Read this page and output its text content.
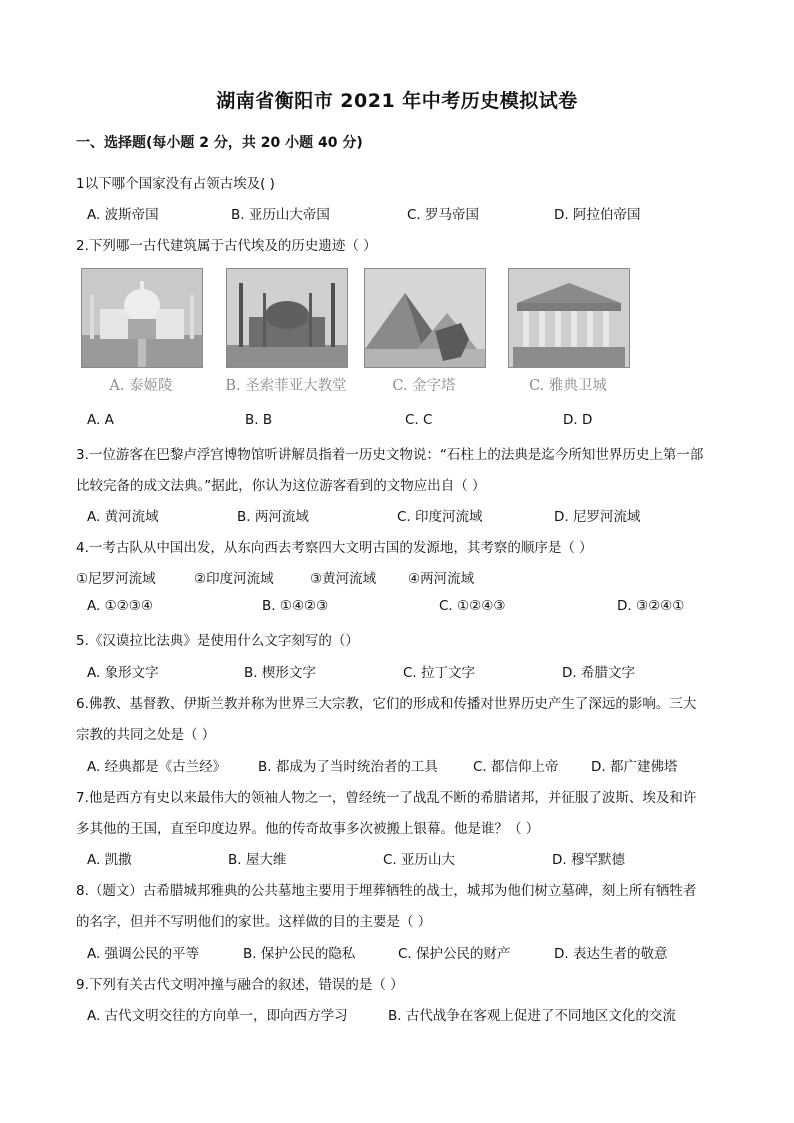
湖南省衡阳市 2021 年中考历史模拟试卷
一、选择题(每小题 2 分，共 20 小题 40 分)
1以下哪个国家没有占领古埃及( )
A. 波斯帝国	B. 亚历山大帝国	C. 罗马帝国	D. 阿拉伯帝国
2.下列哪一古代建筑属于古代埃及的历史遗迹（ ）
A. 泰姬陵	B. 圣索菲亚大教堂	C. 金字塔	C. 雅典卫城
A. A	B. B	C. C	D. D
3.一位游客在巴黎卢浮宫博物馆听讲解员指着一历史文物说：“石柱上的法典是迄今所知世界历史上第一部
比较完备的成文法典。”据此，你认为这位游客看到的文物应出自（ ）
A. 黄河流域	B. 两河流域	C. 印度河流域	D. 尼罗河流域
4.一考古队从中国出发，从东向西去考察四大文明古国的发源地，其考察的顺序是（ ）
①尼罗河流域	②印度河流域	③黄河流域 ④两河流域
A. ①②③④	B. ①④②③	C. ①②④③	D. ③②④①
5.《汉谟拉比法典》是使用什么文字刻写的（）
A. 象形文字	B. 楔形文字	C. 拉丁文字	D. 希腊文字
6.佛教、基督教、伊斯兰教并称为世界三大宗教，它们的形成和传播对世界历史产生了深远的影响。三大
宗教的共同之处是（ ）
A. 经典都是《古兰经》 B. 都成为了当时统治者的工具	C. 都信仰上帝 D. 都广建佛塔
7.他是西方有史以来最伟大的领袖人物之一，曾经统一了战乱不断的希腊诸邦，并征服了波斯、埃及和许
多其他的王国，直至印度边界。他的传奇故事多次被搬上银幕。他是谁？（ ）
A. 凯撒	B. 屋大维	C. 亚历山大	D. 穆罕默德
8.（题文）古希腊城邦雅典的公共墓地主要用于埋葬牺牲的战士，城邦为他们树立墓碑，刻上所有牺牲者
的名字，但并不写明他们的家世。这样做的目的主要是（ ）
A. 强调公民的平等	B. 保护公民的隐私	C. 保护公民的财产	D. 表达生者的敬意
9.下列有关古代文明冲撞与融合的叙述，错误的是（ ）
A. 古代文明交往的方向单一，即向西方学习	B. 古代战争在客观上促进了不同地区文化的交流
